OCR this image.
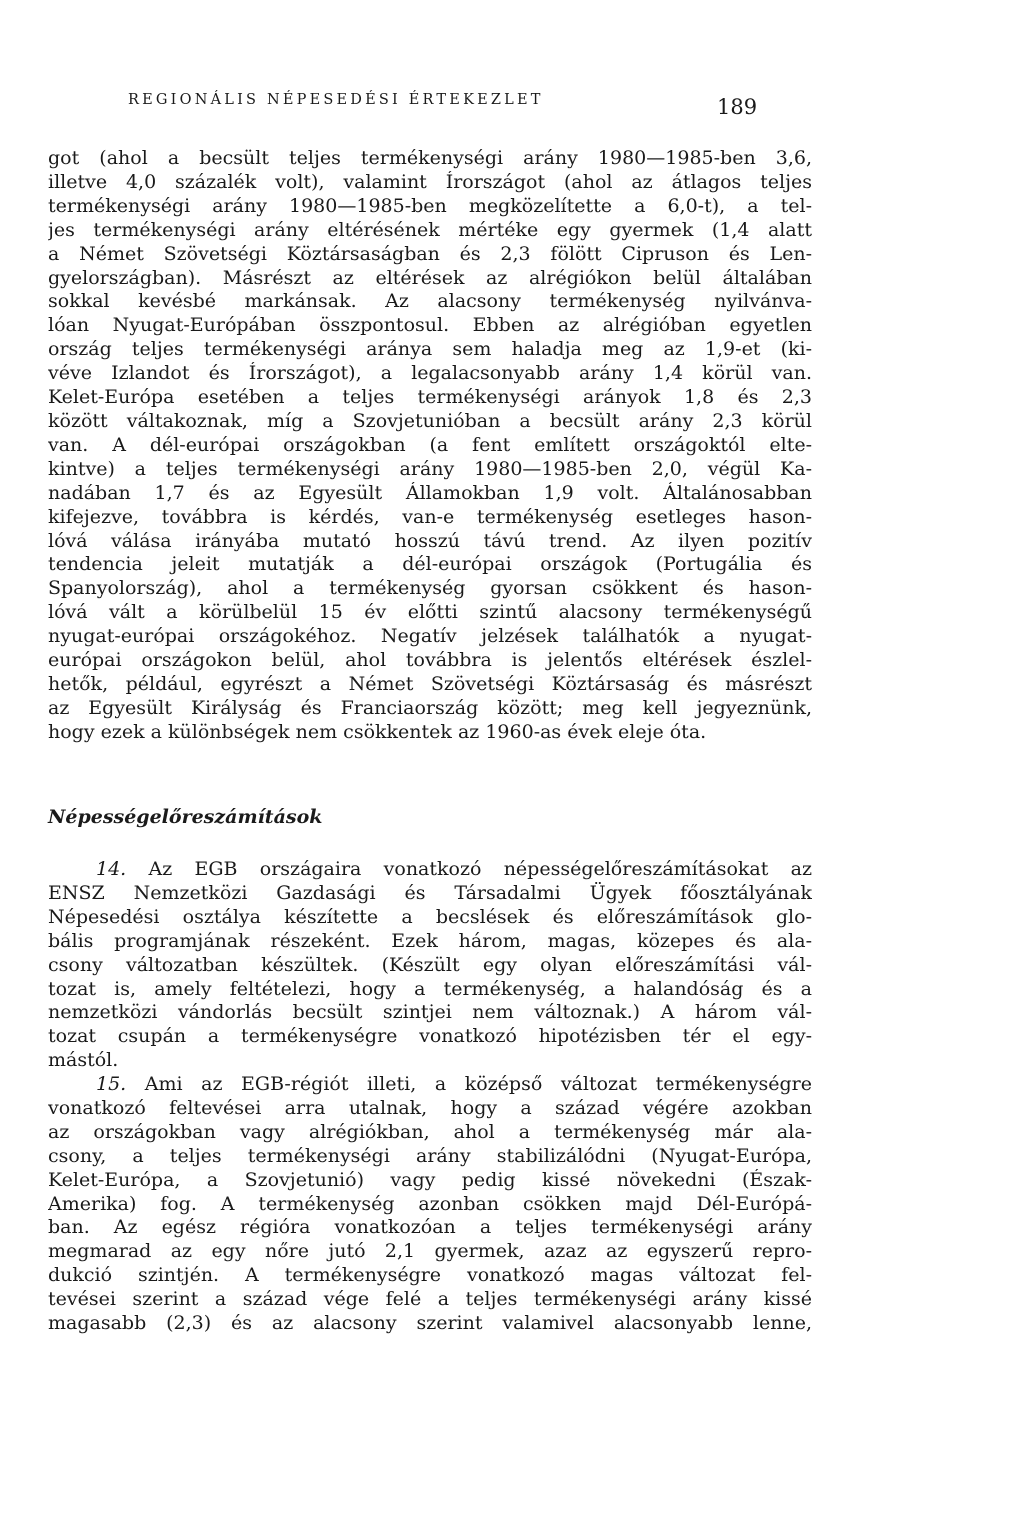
REGIONÁLIS NÉPESEDÉSI ÉRTEKEZLET	189

got (ahol a becsült teljes termékenységi arány 1980—1985-ben 3,6,
illetve 4,0 százalék volt), valamint Írországot (ahol az átlagos teljes
termékenységi arány 1980—1985-ben megközelítette a 6,0-t), a tel-
jes termékenységi arány eltérésének mértéke egy gyermek (1,4 alatt
a Német Szövetségi Köztársaságban és 2,3 fölött Cipruson és Len-
gyelországban). Másrészt az eltérések az alrégiókon belül általában
sokkal kevésbé markánsak. Az alacsony termékenység nyilvánva-
lóan Nyugat-Európában összpontosul. Ebben az alrégióban egyetlen
ország teljes termékenységi aránya sem haladja meg az 1,9-et (ki-
véve Izlandot és Írországot), a legalacsonyabb arány 1,4 körül van.
Kelet-Európa esetében a teljes termékenységi arányok 1,8 és 2,3
között váltakoznak, míg a Szovjetunióban a becsült arány 2,3 körül
van. A dél-európai országokban (a fent említett országoktól elte-
kintve) a teljes termékenységi arány 1980—1985-ben 2,0, végül Ka-
nadában 1,7 és az Egyesült Államokban 1,9 volt. Általánosabban
kifejezve, továbbra is kérdés, van-e termékenység esetleges hason-
lóvá válása irányába mutató hosszú távú trend. Az ilyen pozitív
tendencia jeleit mutatják a dél-európai országok (Portugália és
Spanyolország), ahol a termékenység gyorsan csökkent és hason-
lóvá vált a körülbelül 15 év előtti szintű alacsony termékenységű
nyugat-európai országokéhoz. Negatív jelzések találhatók a nyugat-
európai országokon belül, ahol továbbra is jelentős eltérések észlel-
hetők, például, egyrészt a Német Szövetségi Köztársaság és másrészt
az Egyesült Királyság és Franciaország között; meg kell jegyeznünk,
hogy ezek a különbségek nem csökkentek az 1960-as évek eleje óta.

Népességelőreszámítások

14. Az EGB országaira vonatkozó népességelőreszámításokat az
ENSZ Nemzetközi Gazdasági és Társadalmi Ügyek főosztályának
Népesedési osztálya készítette a becslések és előreszámítások glo-
bális programjának részeként. Ezek három, magas, közepes és ala-
csony változatban készültek. (Készült egy olyan előreszámítási vál-
tozat is, amely feltételezi, hogy a termékenység, a halandóság és a
nemzetközi vándorlás becsült szintjei nem változnak.) A három vál-
tozat csupán a termékenységre vonatkozó hipotézisben tér el egy-
mástól.

15. Ami az EGB-régiót illeti, a középső változat termékenységre
vonatkozó feltevései arra utalnak, hogy a század végére azokban
az országokban vagy alrégiókban, ahol a termékenység már ala-
csony, a teljes termékenységi arány stabilizálódni (Nyugat-Európa,
Kelet-Európa, a Szovjetunió) vagy pedig kissé növekedni (Észak-
Amerika) fog. A termékenység azonban csökken majd Dél-Európá-
ban. Az egész régióra vonatkozóan a teljes termékenységi arány
megmarad az egy nőre jutó 2,1 gyermek, azaz az egyszerű repro-
dukció szintjén. A termékenységre vonatkozó magas változat fel-
tevései szerint a század vége felé a teljes termékenységi arány kissé
magasabb (2,3) és az alacsony szerint valamivel alacsonyabb lenne,
